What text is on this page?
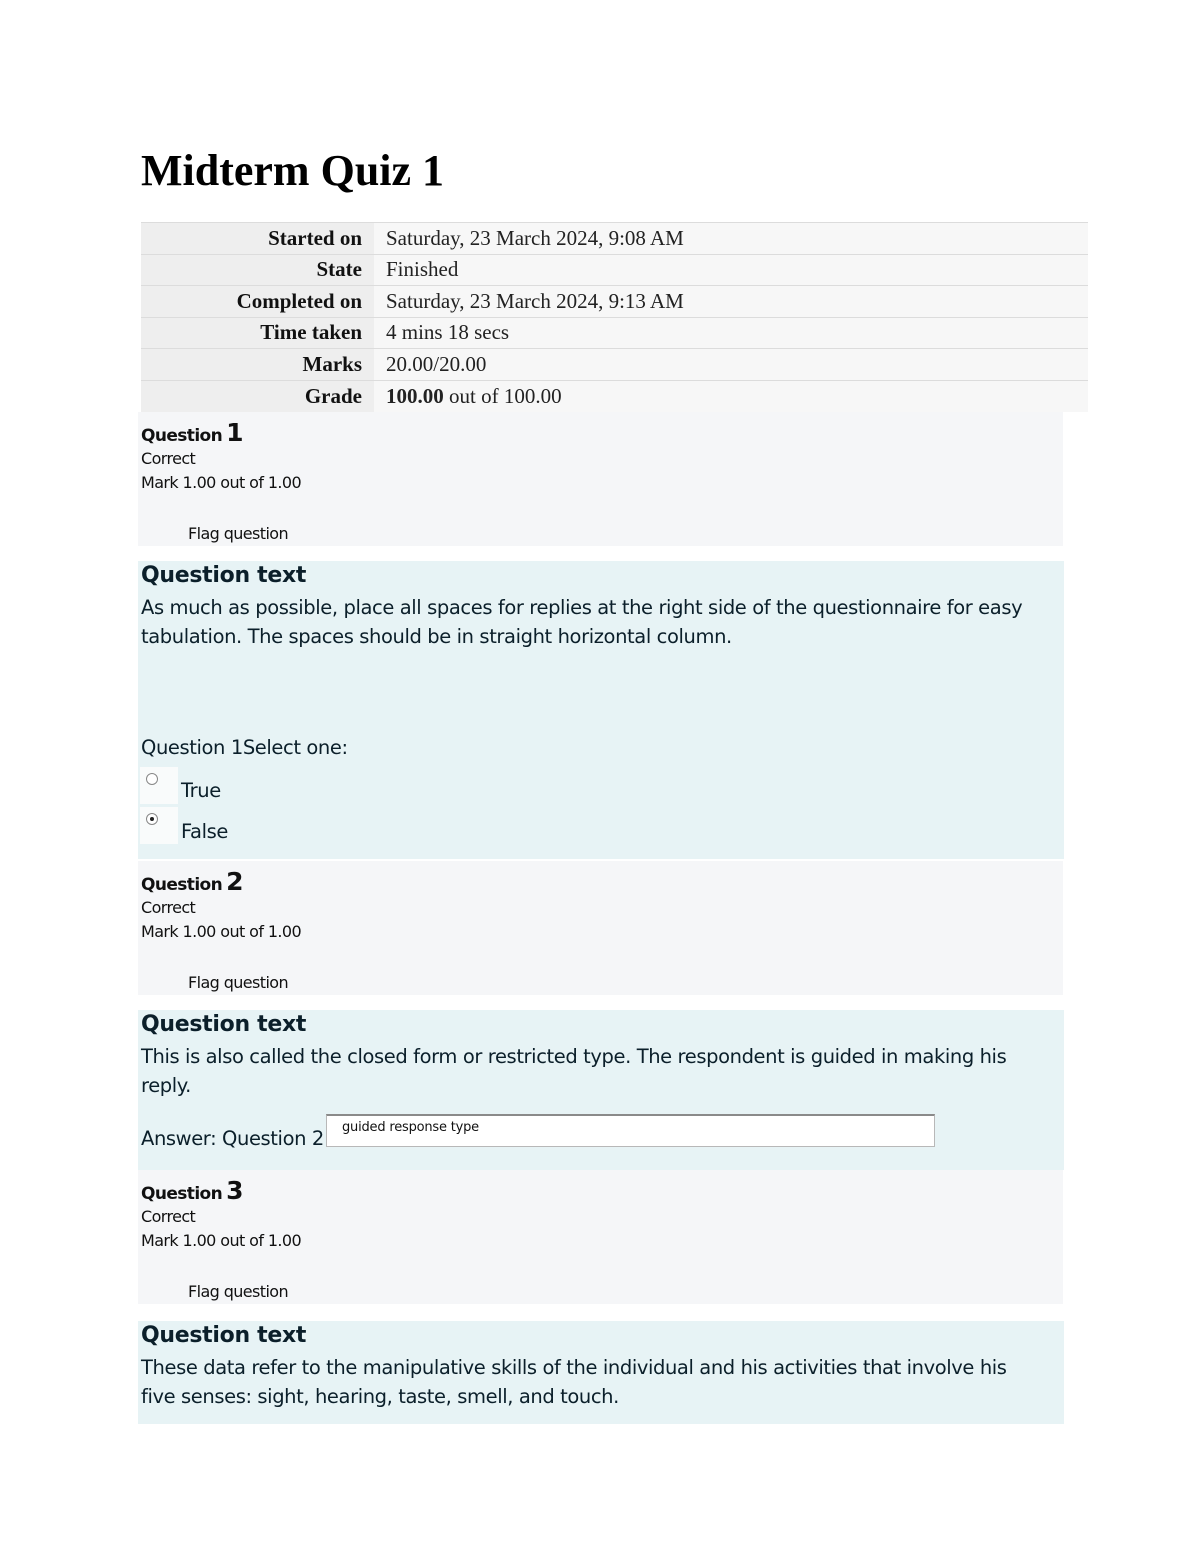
Midterm Quiz 1
Started on	Saturday, 23 March 2024, 9:08 AM
State	Finished
Completed on	Saturday, 23 March 2024, 9:13 AM
Time taken	4 mins 18 secs
Marks	20.00/20.00
Grade	100.00 out of 100.00
Question 1
Correct
Mark 1.00 out of 1.00
Flag question
Question text

As much as possible, place all spaces for replies at the right side of the questionnaire for easy tabulation. The spaces should be in straight horizontal column.

Question 1Select one:
True
False
Question 2
Correct
Mark 1.00 out of 1.00
Flag question
Question text

This is also called the closed form or restricted type. The respondent is guided in making his reply.

Answer: Question 2
guided response type
Question 3
Correct
Mark 1.00 out of 1.00
Flag question
Question text

These data refer to the manipulative skills of the individual and his activities that involve his five senses: sight, hearing, taste, smell, and touch.
